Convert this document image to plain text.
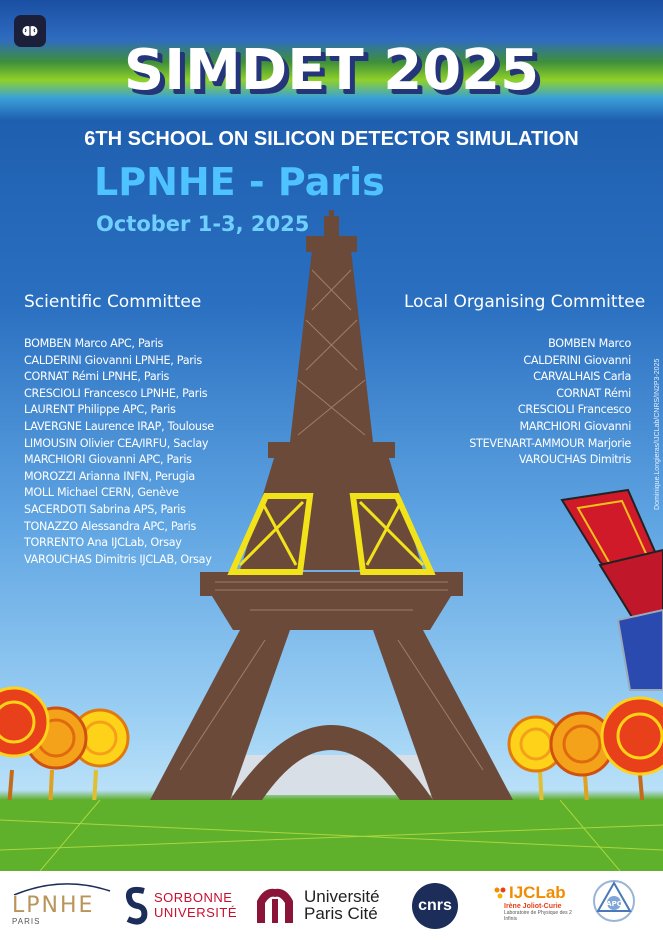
SIMDET 2025
6TH SCHOOL ON SILICON DETECTOR SIMULATION
LPNHE - Paris
October 1-3, 2025
Scientific Committee
BOMBEN Marco APC, Paris
CALDERINI Giovanni LPNHE, Paris
CORNAT Rémi LPNHE, Paris
CRESCIOLI Francesco LPNHE, Paris
LAURENT Philippe APC, Paris
LAVERGNE Laurence IRAP, Toulouse
LIMOUSIN Olivier CEA/IRFU, Saclay
MARCHIORI Giovanni APC, Paris
MOROZZI Arianna INFN, Perugia
MOLL Michael CERN, Genève
SACERDOTI Sabrina APS, Paris
TONAZZO Alessandra APC, Paris
TORRENTO Ana IJCLab, Orsay
VAROUCHAS Dimitris IJCLAB, Orsay
Local Organising Committee
BOMBEN Marco
CALDERINI Giovanni
CARVALHAIS Carla
CORNAT Rémi
CRESCIOLI Francesco
MARCHIORI Giovanni
STEVENART-AMMOUR Marjorie
VAROUCHAS Dimitris	Dominique.Longieras/IJCLab/CNRS/IN2P3-2025
LPNHE
PARIS
SORBONNE
UNIVERSITÉ
Université
Paris Cité	cnrs
IJCLab
Irène Joliot-Curie
Laboratoire de Physique des 2 Infinis
APC
